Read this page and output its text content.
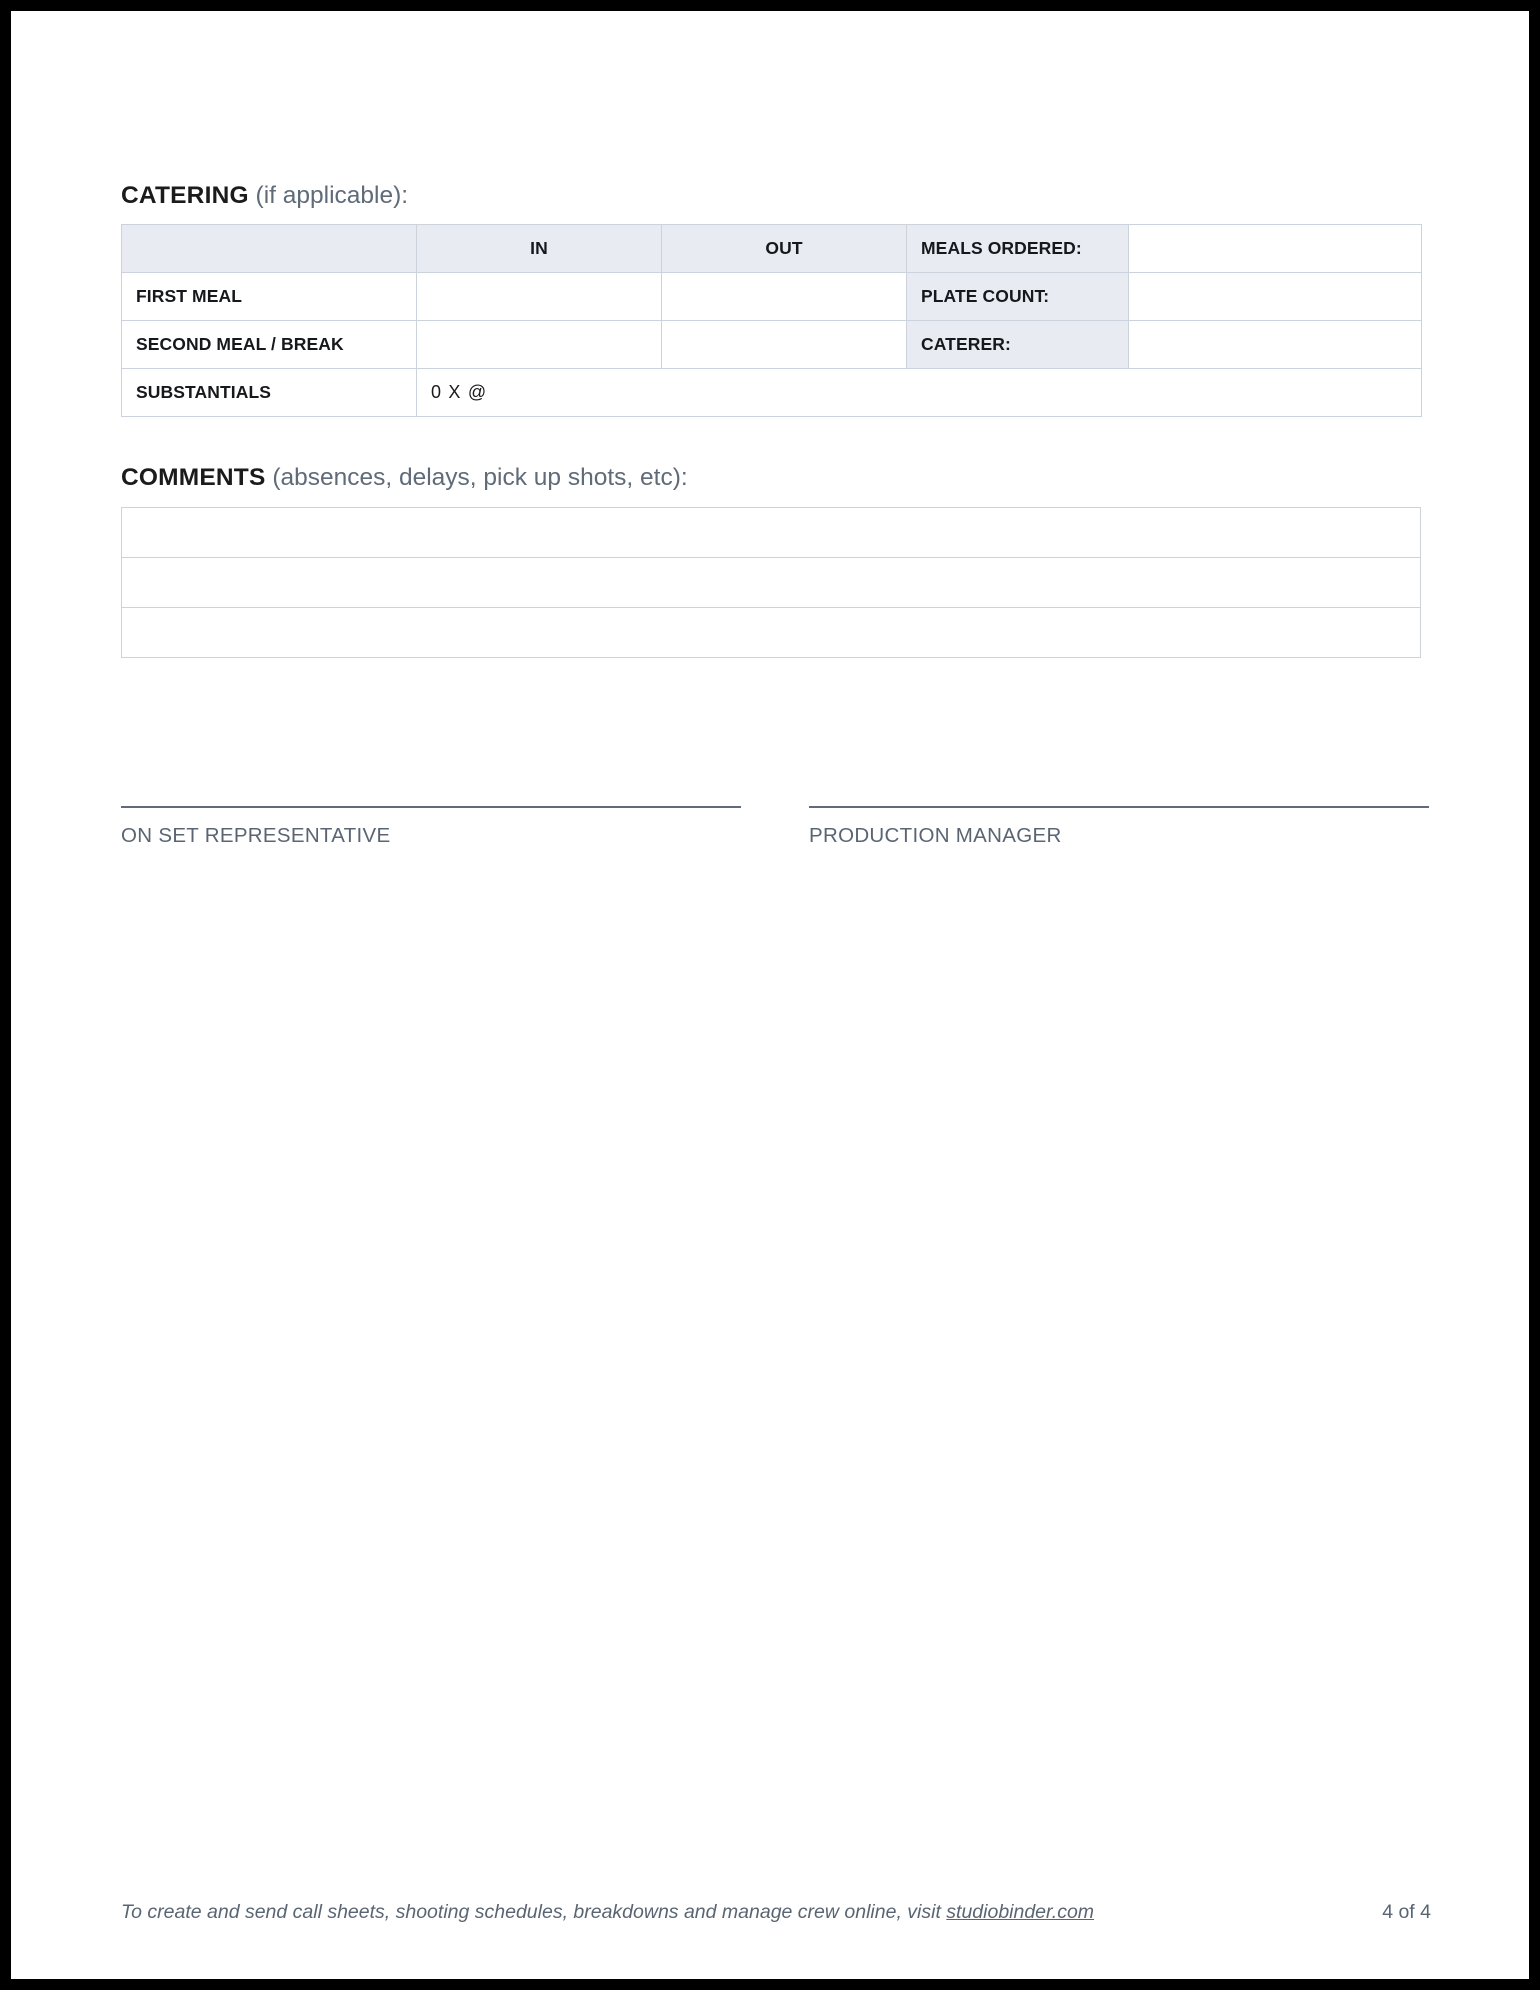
CATERING (if applicable):
	IN	OUT	MEALS ORDERED:	
FIRST MEAL			PLATE COUNT:	
SECOND MEAL / BREAK			CATERER:	
SUBSTANTIALS	0 X @			
COMMENTS (absences, delays, pick up shots, etc):

ON SET REPRESENTATIVE	PRODUCTION MANAGER
To create and send call sheets, shooting schedules, breakdowns and manage crew online, visit studiobinder.com	4 of 4
